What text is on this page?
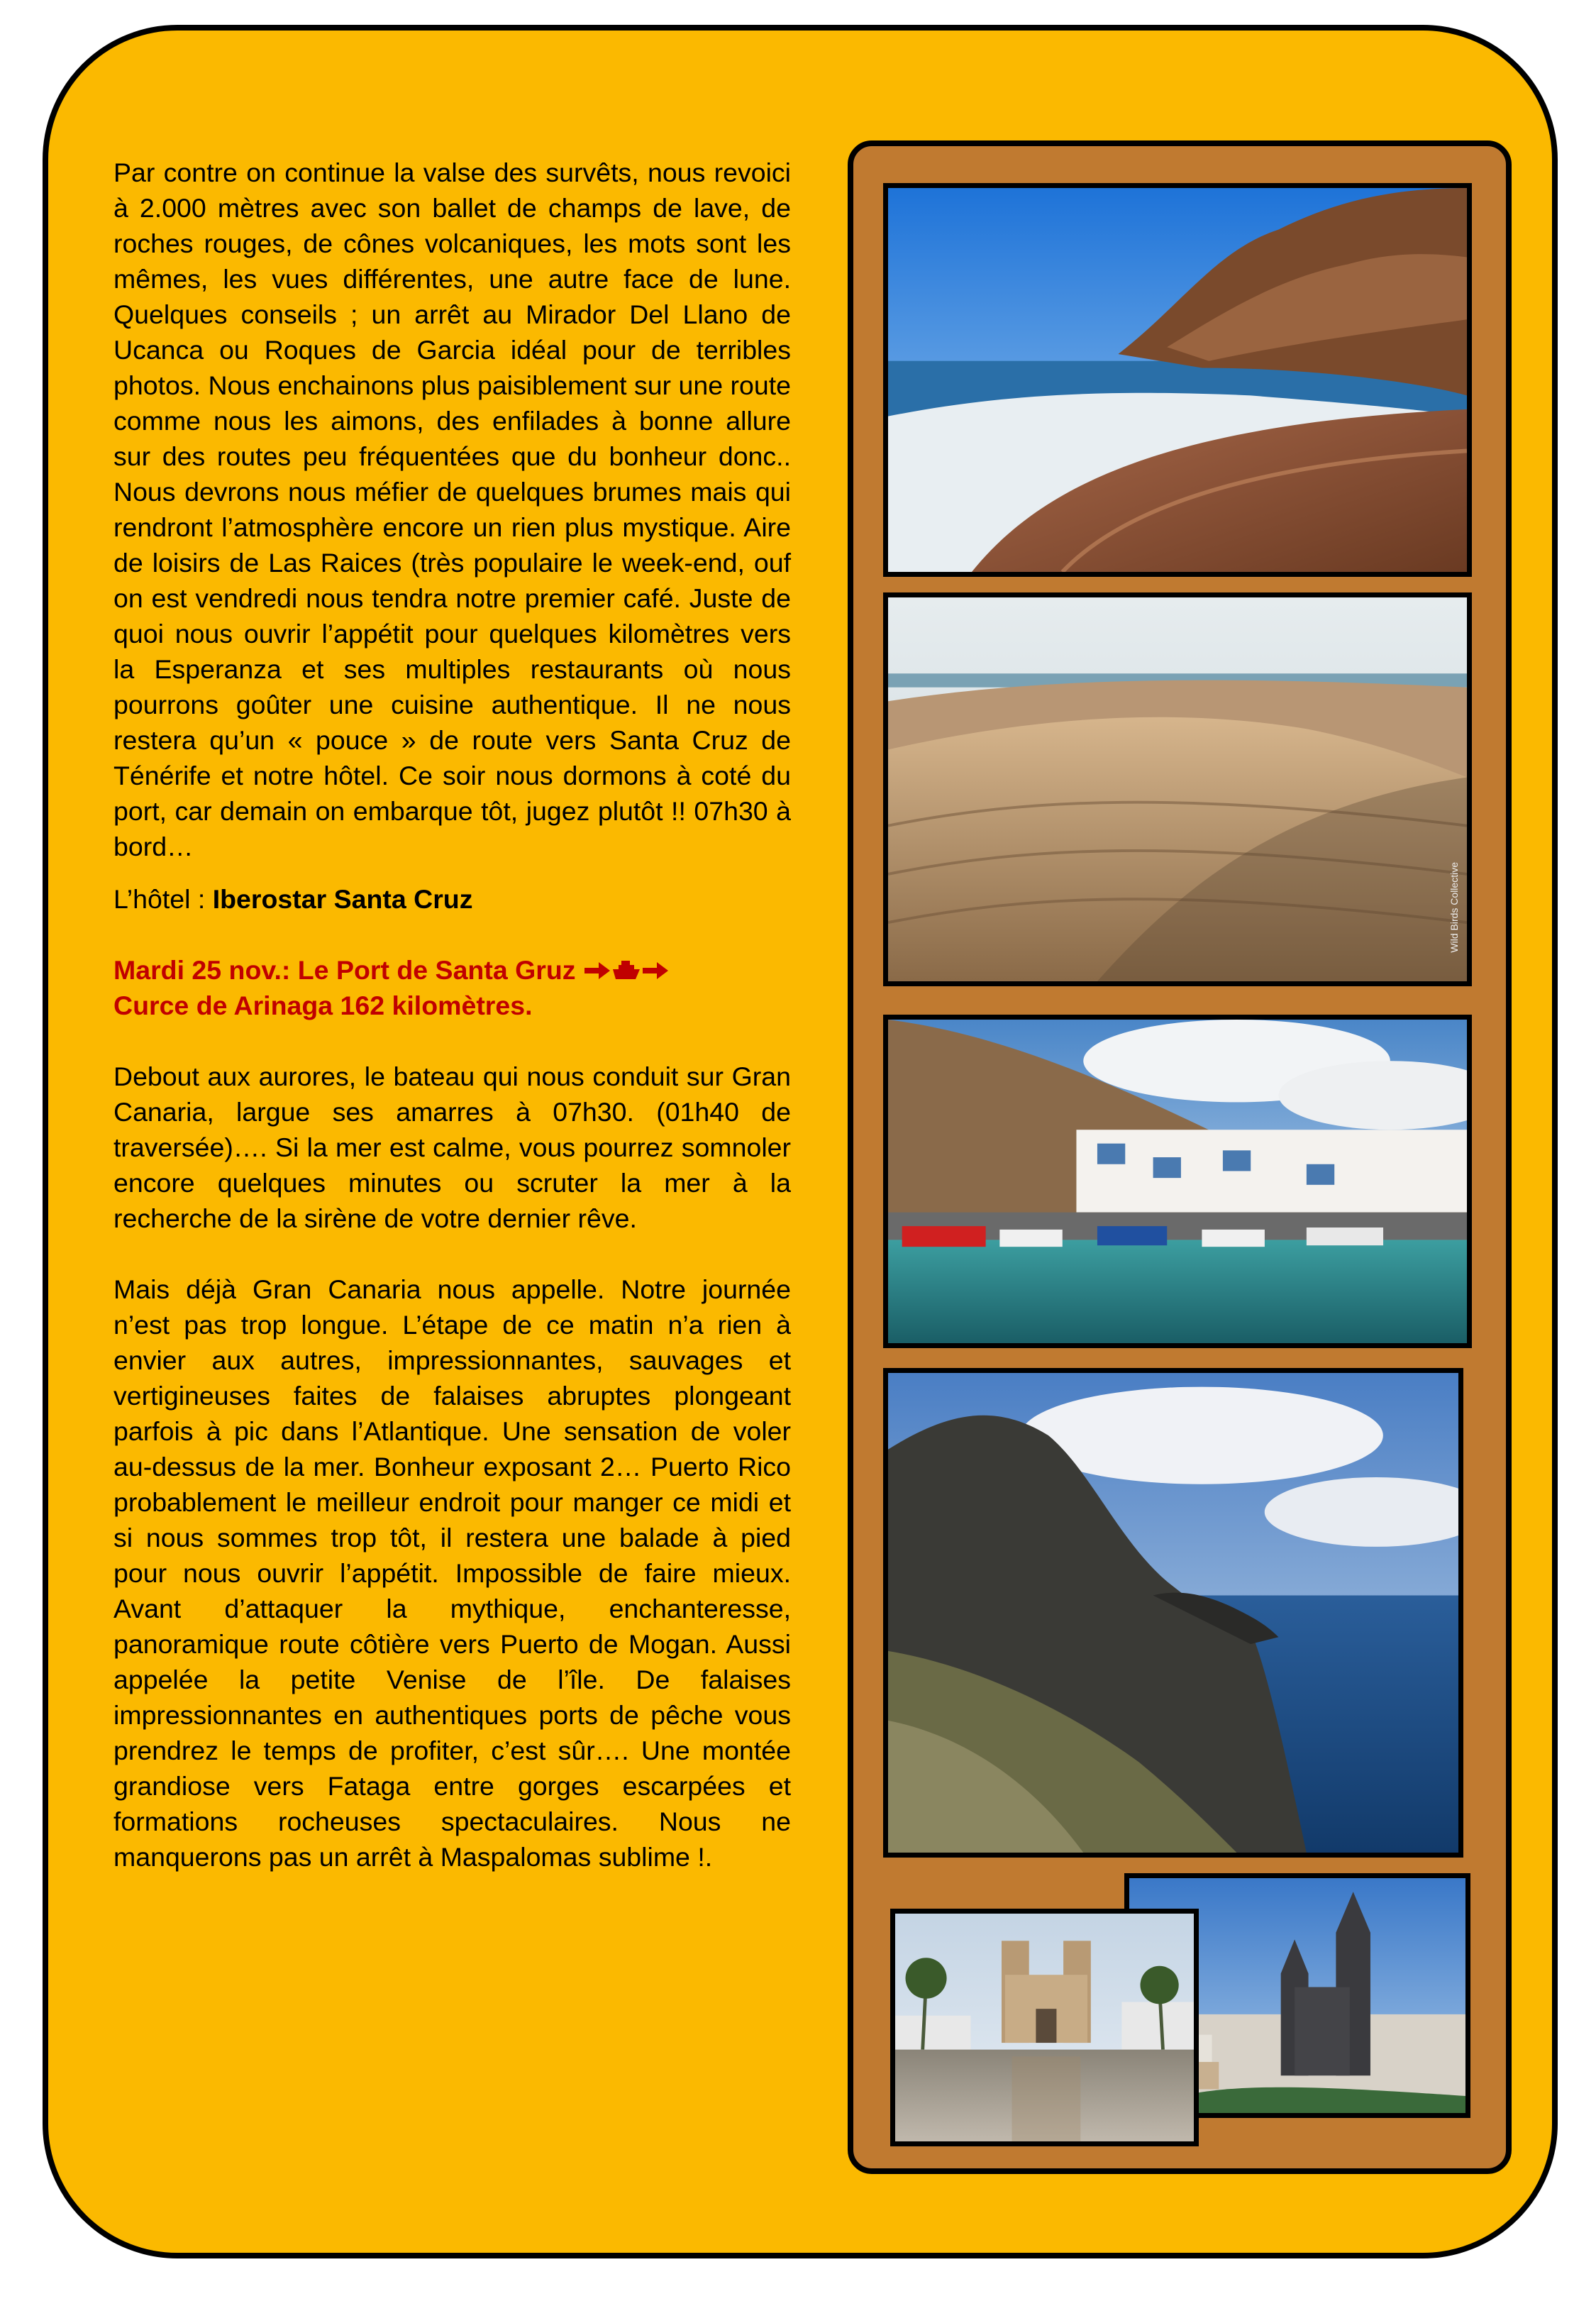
Par contre on continue la valse des survêts, nous revoici à 2.000 mètres avec son ballet de champs de lave, de roches rouges, de cônes volcaniques, les mots sont les mêmes, les vues différentes, une autre face de lune. Quelques conseils ; un arrêt au Mirador Del Llano de Ucanca ou Roques de Garcia idéal pour de terribles photos. Nous enchainons plus paisiblement sur une route comme nous les aimons, des enfilades à bonne allure sur des routes peu fréquentées que du bonheur donc.. Nous devrons nous méfier de quelques brumes mais qui rendront l’atmosphère encore un rien plus mystique. Aire de loisirs de Las Raices (très populaire le week-end, ouf on est vendredi nous tendra notre premier café. Juste de quoi nous ouvrir l’appétit pour quelques kilomètres vers la Esperanza et ses multiples restaurants où nous pourrons goûter une cuisine authentique. Il ne nous restera qu’un « pouce » de route vers Santa Cruz de Ténérife et notre hôtel. Ce soir nous dormons à coté du port, car demain on embarque tôt, jugez plutôt !! 07h30 à bord…

L’hôtel : Iberostar Santa Cruz

Mardi 25 nov.: Le Port de Santa Gruz
Curce de Arinaga 162 kilomètres.

Debout aux aurores, le bateau qui nous conduit sur Gran Canaria, largue ses amarres à 07h30. (01h40 de traversée)…. Si la mer est calme, vous pourrez somnoler encore quelques minutes ou scruter la mer à la recherche de la sirène de votre dernier rêve.

Mais déjà Gran Canaria nous appelle. Notre journée n’est pas trop longue. L’étape de ce matin n’a rien à envier aux autres, impressionnantes, sauvages et vertigineuses faites de falaises abruptes plongeant parfois à pic dans l’Atlantique. Une sensation de voler au-dessus de la mer. Bonheur exposant 2… Puerto Rico probablement le meilleur endroit pour manger ce midi et si nous sommes trop tôt, il restera une balade à pied pour nous ouvrir l’appétit. Impossible de faire mieux. Avant d’attaquer la mythique, enchanteresse, panoramique route côtière vers Puerto de Mogan. Aussi appelée la petite Venise de l’île. De falaises impressionnantes en authentiques ports de pêche vous prendrez le temps de profiter, c’est sûr…. Une montée grandiose vers Fataga entre gorges escarpées et formations rocheuses spectaculaires. Nous ne manquerons pas un arrêt à Maspalomas sublime !.

Wild Birds Collective
